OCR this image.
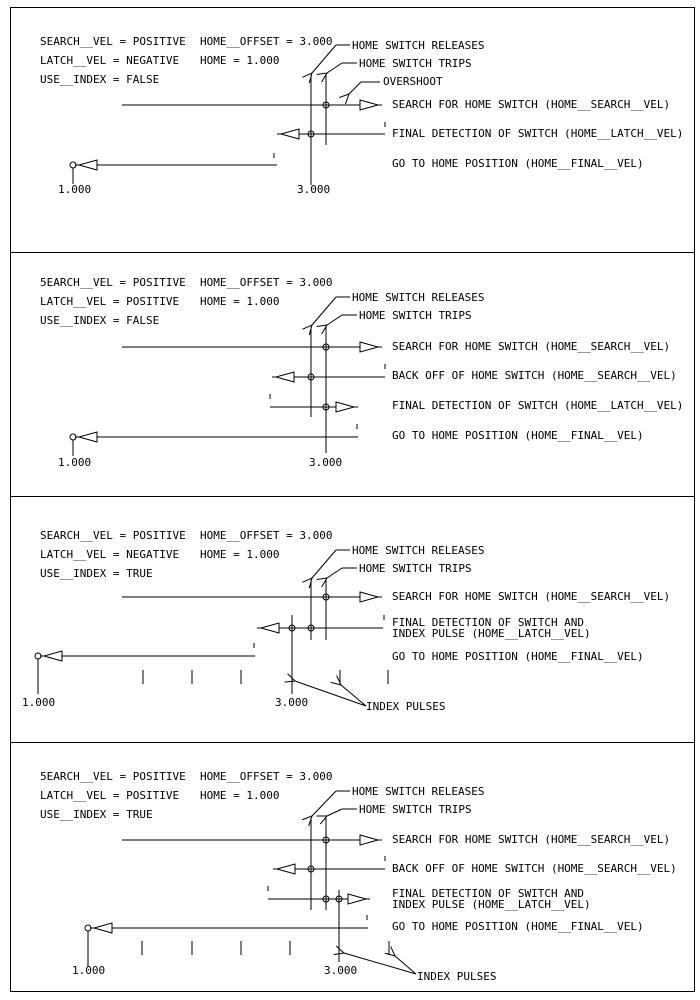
SEARCH__VEL = POSITIVE
LATCH__VEL = NEGATIVE
USE__INDEX = FALSE
HOME__OFFSET = 3.000
HOME = 1.000
HOME SWITCH RELEASES
HOME SWITCH TRIPS
OVERSHOOT
SEARCH FOR HOME SWITCH (HOME__SEARCH__VEL)
FINAL DETECTION OF SWITCH (HOME__LATCH__VEL)
GO TO HOME POSITION (HOME__FINAL__VEL)
1.000	3.000
5EARCH__VEL = POSITIVE
LATCH__VEL = POSITIVE
USE__INDEX = FALSE
HOME__OFFSET = 3.000
HOME = 1.000	HOME SWITCH RELEASES
HOME SWITCH TRIPS
SEARCH FOR HOME SWITCH (HOME__SEARCH__VEL)
BACK OFF OF HOME SWITCH (HOME__SEARCH__VEL)
FINAL DETECTION OF SWITCH (HOME__LATCH__VEL)
GO TO HOME POSITION (HOME__FINAL__VEL)
1.000	3.000
SEARCH__VEL = POSITIVE
LATCH__VEL = NEGATIVE
USE__INDEX = TRUE
HOME__OFFSET = 3.000
HOME = 1.000	HOME SWITCH RELEASES
HOME SWITCH TRIPS
SEARCH FOR HOME SWITCH (HOME__SEARCH__VEL)
FINAL DETECTION OF SWITCH AND
INDEX PULSE (HOME__LATCH__VEL)
GO TO HOME POSITION (HOME__FINAL__VEL)
INDEX PULSES
1.000	3.000
5EARCH__VEL = POSITIVE
LATCH__VEL = POSITIVE
USE__INDEX = TRUE
HOME__OFFSET = 3.000
HOME = 1.000	HOME SWITCH RELEASES
HOME SWITCH TRIPS
SEARCH FOR HOME SWITCH (HOME__SEARCH__VEL)
BACK OFF OF HOME SWITCH (HOME__SEARCH__VEL)
FINAL DETECTION OF SWITCH AND
INDEX PULSE (HOME__LATCH__VEL)
GO TO HOME POSITION (HOME__FINAL__VEL)
INDEX PULSES
1.000	3.000
